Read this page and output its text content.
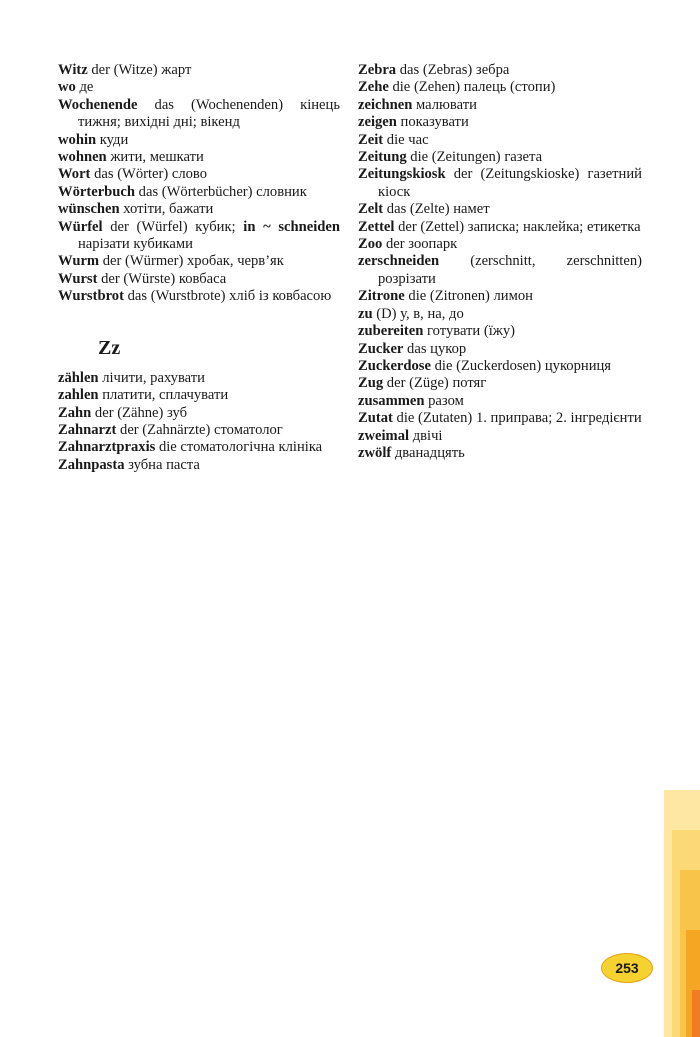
Witz der (Witze) жарт

wo де

Wochenende das (Wochenenden) кінець тижня; вихідні дні; вікенд

wohin куди

wohnen жити, мешкати

Wort das (Wörter) слово

Wörterbuch das (Wörterbücher) словник

wünschen хотіти, бажати

Würfel der (Würfel) кубик; in ~ schneiden нарізати кубиками

Wurm der (Würmer) хробак, черв’як

Wurst der (Würste) ковбаса

Wurstbrot das (Wurstbrote) хліб із ковбасою

Zz

zählen лічити, рахувати

zahlen платити, сплачувати

Zahn der (Zähne) зуб

Zahnarzt der (Zahnärzte) стоматолог

Zahnarztpraxis die стоматологічна клініка

Zahnpasta зубна паста

Zebra das (Zebras) зебра

Zehe die (Zehen) палець (стопи)

zeichnen малювати

zeigen показувати

Zeit die час

Zeitung die (Zeitungen) газета

Zeitungskiosk der (Zeitungskioske) газетний кіоск

Zelt das (Zelte) намет

Zettel der (Zettel) записка; наклейка; етикетка

Zoo der зоопарк

zerschneiden (zerschnitt, zerschnitten) розрізати

Zitrone die (Zitronen) лимон

zu (D) у, в, на, до

zubereiten готувати (їжу)

Zucker das цукор

Zuckerdose die (Zuckerdosen) цукорниця

Zug der (Züge) потяг

zusammen разом

Zutat die (Zutaten) 1. приправа; 2. інгредієнти

zweimal двічі

zwölf дванадцять

253
